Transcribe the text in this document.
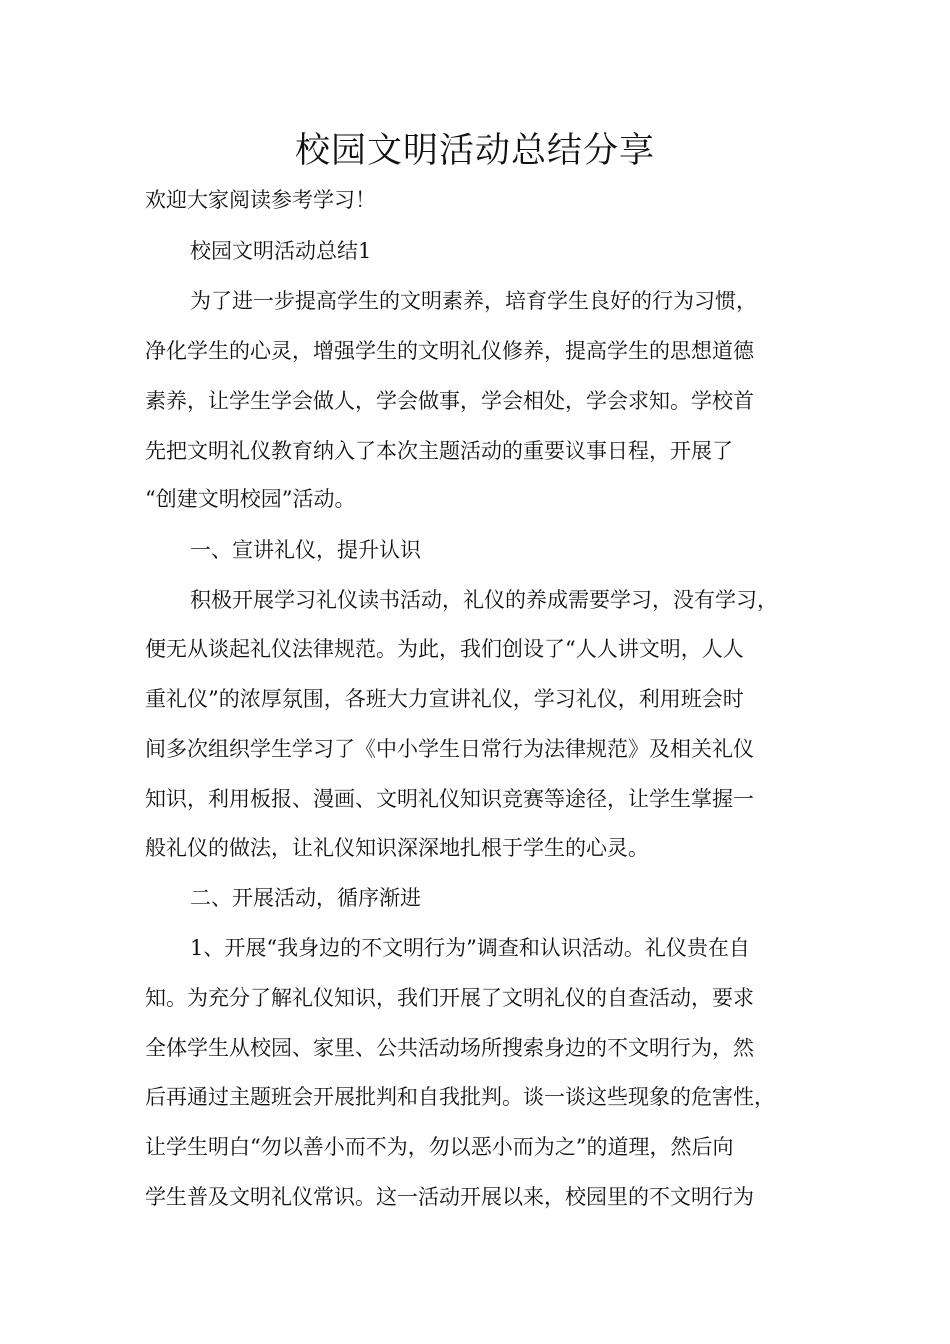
校园文明活动总结分享
欢迎大家阅读参考学习！
校园文明活动总结1
为了进一步提高学生的文明素养，培育学生良好的行为习惯，
净化学生的心灵，增强学生的文明礼仪修养，提高学生的思想道德
素养，让学生学会做人，学会做事，学会相处，学会求知。学校首
先把文明礼仪教育纳入了本次主题活动的重要议事日程，开展了
“创建文明校园”活动。
一、宣讲礼仪，提升认识
积极开展学习礼仪读书活动，礼仪的养成需要学习，没有学习，
便无从谈起礼仪法律规范。为此，我们创设了“人人讲文明，人人
重礼仪”的浓厚氛围，各班大力宣讲礼仪，学习礼仪，利用班会时
间多次组织学生学习了《中小学生日常行为法律规范》及相关礼仪
知识，利用板报、漫画、文明礼仪知识竞赛等途径，让学生掌握一
般礼仪的做法，让礼仪知识深深地扎根于学生的心灵。
二、开展活动，循序渐进
1、开展“我身边的不文明行为”调查和认识活动。礼仪贵在自
知。为充分了解礼仪知识，我们开展了文明礼仪的自查活动，要求
全体学生从校园、家里、公共活动场所搜索身边的不文明行为，然
后再通过主题班会开展批判和自我批判。谈一谈这些现象的危害性，
让学生明白“勿以善小而不为，勿以恶小而为之”的道理，然后向
学生普及文明礼仪常识。这一活动开展以来，校园里的不文明行为
